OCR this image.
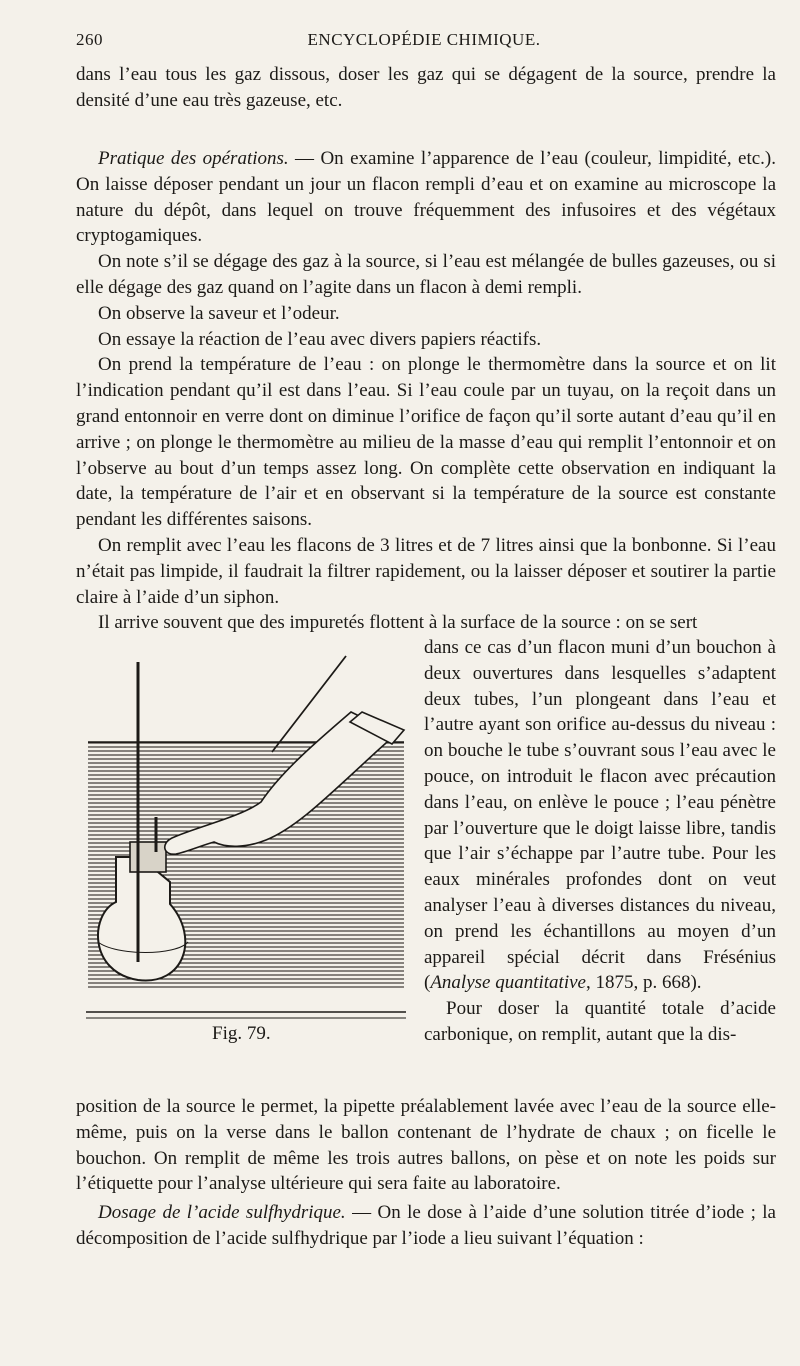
260	ENCYCLOPÉDIE CHIMIQUE.

dans l’eau tous les gaz dissous, doser les gaz qui se dégagent de la source, prendre la densité d’une eau très gazeuse, etc.

Pratique des opérations. — On examine l’apparence de l’eau (couleur, limpidité, etc.). On laisse déposer pendant un jour un flacon rempli d’eau et on examine au microscope la nature du dépôt, dans lequel on trouve fréquemment des infusoires et des végétaux cryptogamiques.

On note s’il se dégage des gaz à la source, si l’eau est mélangée de bulles gazeuses, ou si elle dégage des gaz quand on l’agite dans un flacon à demi rempli.

On observe la saveur et l’odeur.

On essaye la réaction de l’eau avec divers papiers réactifs.

On prend la température de l’eau : on plonge le thermomètre dans la source et on lit l’indication pendant qu’il est dans l’eau. Si l’eau coule par un tuyau, on la reçoit dans un grand entonnoir en verre dont on diminue l’orifice de façon qu’il sorte autant d’eau qu’il en arrive ; on plonge le thermomètre au milieu de la masse d’eau qui remplit l’entonnoir et on l’observe au bout d’un temps assez long. On complète cette observation en indiquant la date, la température de l’air et en observant si la température de la source est constante pendant les différentes saisons.

On remplit avec l’eau les flacons de 3 litres et de 7 litres ainsi que la bonbonne. Si l’eau n’était pas limpide, il faudrait la filtrer rapidement, ou la laisser déposer et soutirer la partie claire à l’aide d’un siphon.

Il arrive souvent que des impuretés flottent à la surface de la source : on se sert

Fig. 79.

dans ce cas d’un flacon muni d’un bouchon à deux ouvertures dans lesquelles s’adaptent deux tubes, l’un plongeant dans l’eau et l’autre ayant son orifice au-dessus du niveau : on bouche le tube s’ouvrant sous l’eau avec le pouce, on introduit le flacon avec précaution dans l’eau, on enlève le pouce ; l’eau pénètre par l’ouverture que le doigt laisse libre, tandis que l’air s’échappe par l’autre tube. Pour les eaux minérales profondes dont on veut analyser l’eau à diverses distances du niveau, on prend les échantillons au moyen d’un appareil spécial décrit dans Frésénius (Analyse quantitative, 1875, p. 668).

Pour doser la quantité totale d’acide carbonique, on remplit, autant que la dis-

position de la source le permet, la pipette préalablement lavée avec l’eau de la source elle-même, puis on la verse dans le ballon contenant de l’hydrate de chaux ; on ficelle le bouchon. On remplit de même les trois autres ballons, on pèse et on note les poids sur l’étiquette pour l’analyse ultérieure qui sera faite au laboratoire.

Dosage de l’acide sulfhydrique. — On le dose à l’aide d’une solution titrée d’iode ; la décomposition de l’acide sulfhydrique par l’iode a lieu suivant l’équation :
